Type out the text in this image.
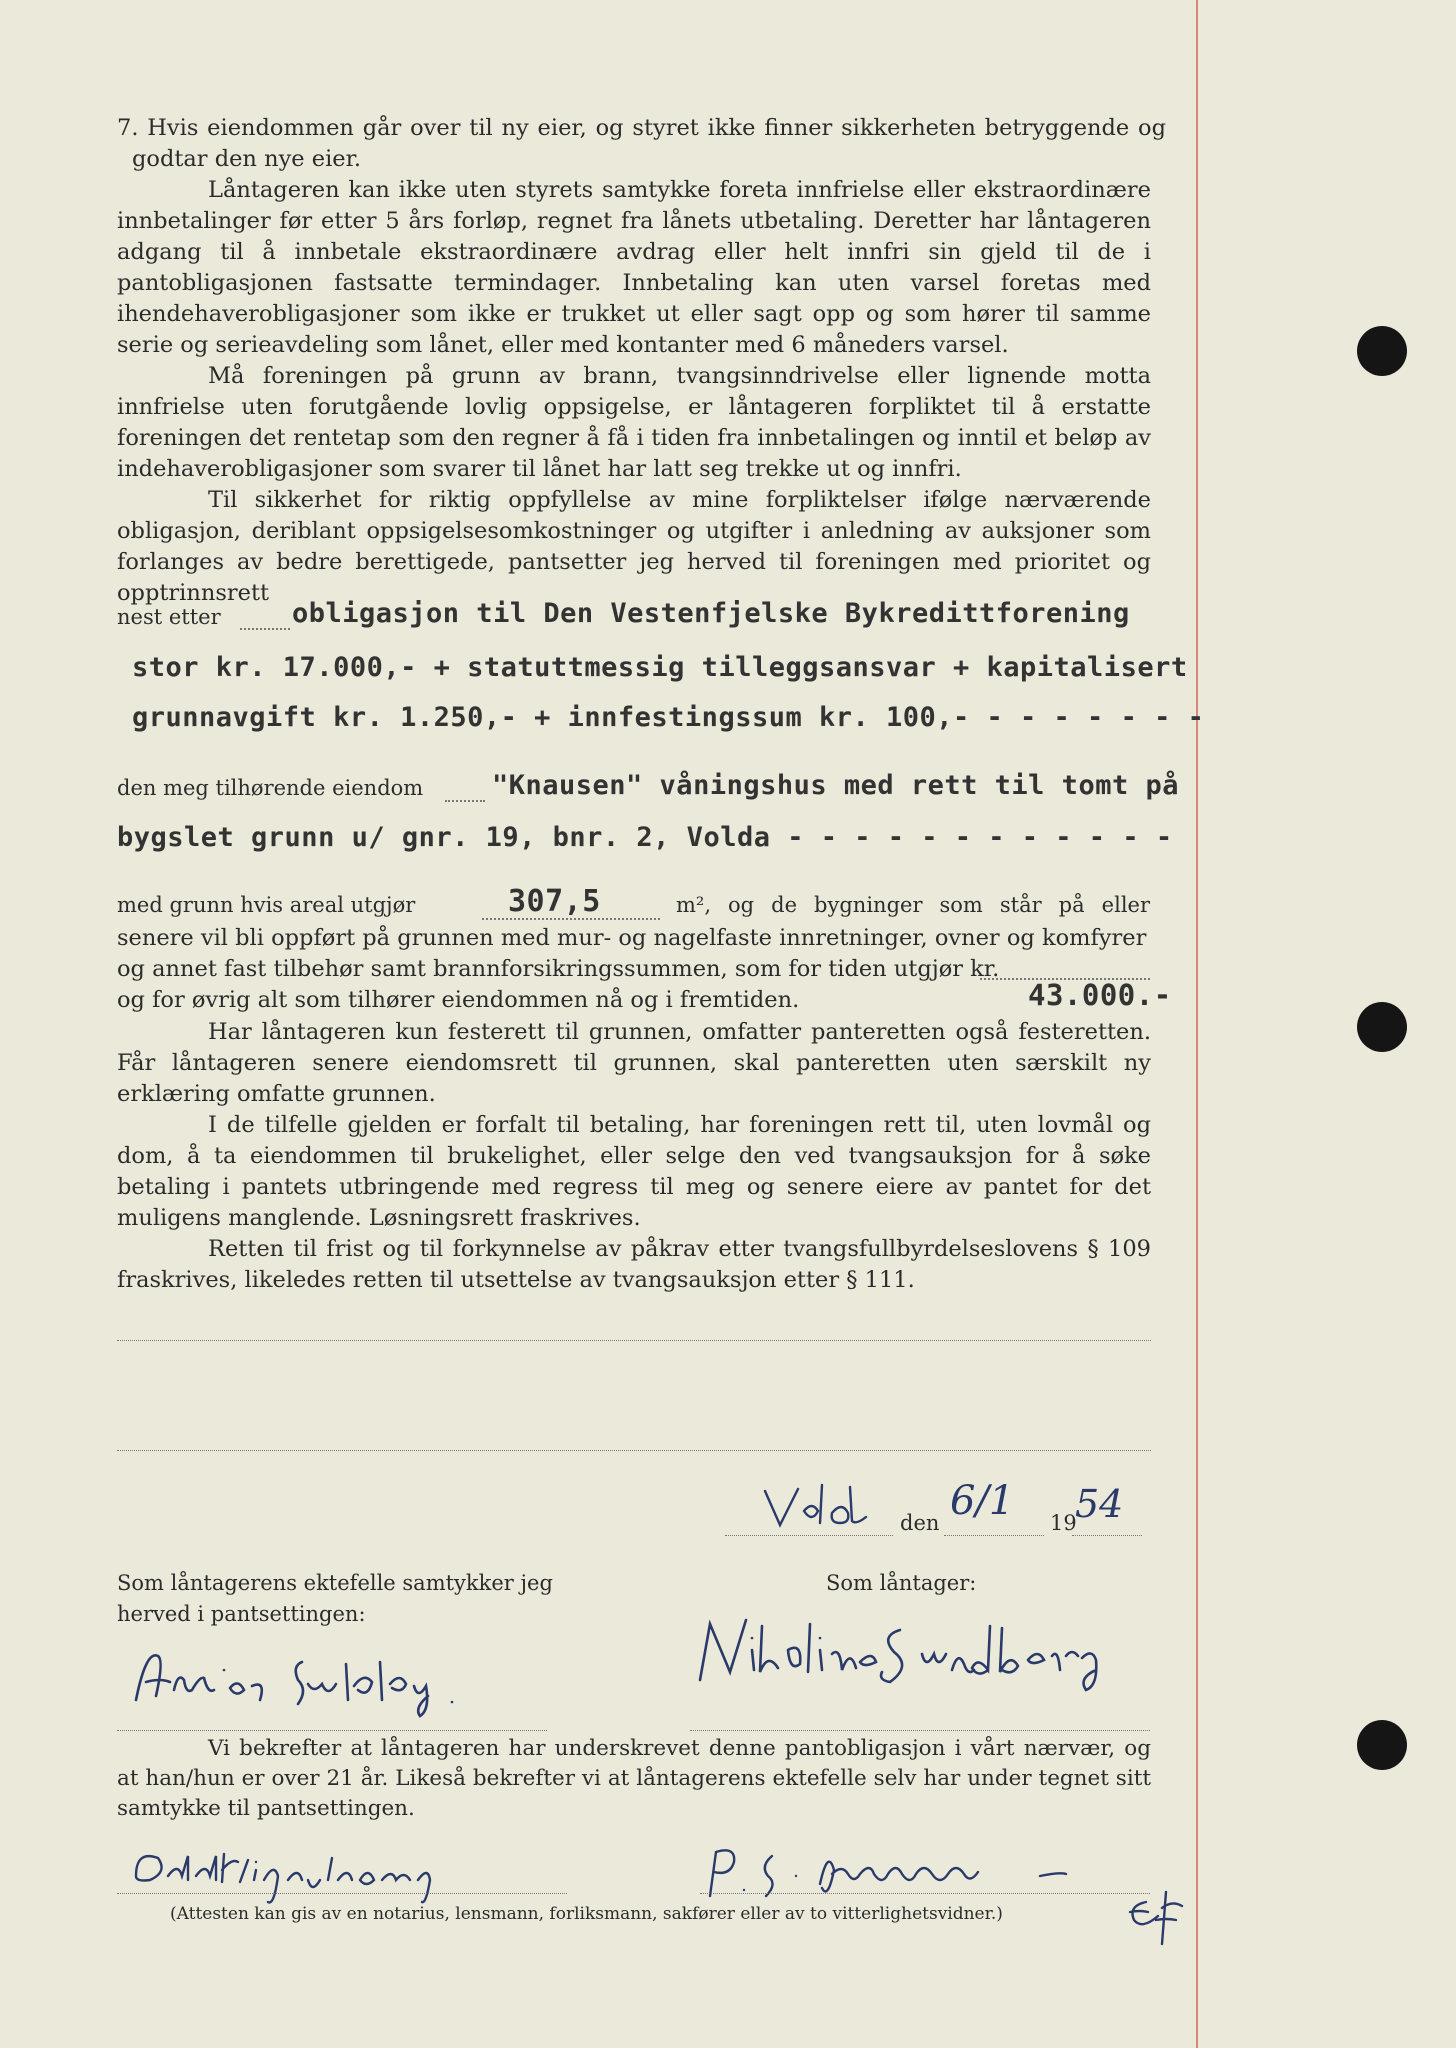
7. Hvis eiendommen går over til ny eier, og styret ikke finner sikkerheten betryggende og godtar den nye eier.
Låntageren kan ikke uten styrets samtykke foreta innfrielse eller ekstraordinære innbetalinger før etter 5 års forløp, regnet fra lånets utbetaling. Deretter har låntageren adgang til å innbetale ekstraordinære avdrag eller helt innfri sin gjeld til de i pantobligasjonen fastsatte termindager. Innbetaling kan uten varsel foretas med ihendehaverobligasjoner som ikke er trukket ut eller sagt opp og som hører til samme serie og serieavdeling som lånet, eller med kontanter med 6 måneders varsel.
Må foreningen på grunn av brann, tvangsinndrivelse eller lignende motta innfrielse uten forutgående lovlig oppsigelse, er låntageren forpliktet til å erstatte foreningen det rentetap som den regner å få i tiden fra innbetalingen og inntil et beløp av indehaverobligasjoner som svarer til lånet har latt seg trekke ut og innfri.
Til sikkerhet for riktig oppfyllelse av mine forpliktelser ifølge nærværende obligasjon, deriblant oppsigelsesomkostninger og utgifter i anledning av auksjoner som forlanges av bedre berettigede, pantsetter jeg herved til foreningen med prioritet og opptrinnsrett
nest etter	obligasjon til Den Vestenfjelske Bykredittforening
stor kr. 17.000,- + statuttmessig tilleggsansvar + kapitalisert
grunnavgift kr. 1.250,- + innfestingssum kr. 100,- - - - - - - -
den meg tilhørende eiendom	"Knausen" våningshus med rett til tomt på
bygslet grunn u/ gnr. 19, bnr. 2, Volda - - - - - - - - - - - -
med grunn hvis areal utgjør	307,5	m², og de bygninger som står på eller
senere vil bli oppført på grunnen med mur- og nagelfaste innretninger, ovner og komfyrer
og annet fast tilbehør samt brannforsikringssummen, som for tiden utgjør kr.
og for øvrig alt som tilhører eiendommen nå og i fremtiden.	43.000.-
Har låntageren kun festerett til grunnen, omfatter panteretten også festeretten. Får låntageren senere eiendomsrett til grunnen, skal panteretten uten særskilt ny erklæring omfatte grunnen.
I de tilfelle gjelden er forfalt til betaling, har foreningen rett til, uten lovmål og dom, å ta eiendommen til brukelighet, eller selge den ved tvangsauksjon for å søke betaling i pantets utbringende med regress til meg og senere eiere av pantet for det muligens manglende. Løsningsrett fraskrives.
Retten til frist og til forkynnelse av påkrav etter tvangsfullbyrdelseslovens § 109 fraskrives, likeledes retten til utsettelse av tvangsauksjon etter § 111.
den 6/1 19
54
Som låntagerens ektefelle samtykker jeg
herved i pantsettingen:
Som låntager:
Vi bekrefter at låntageren har underskrevet denne pantobligasjon i vårt nærvær, og at han/hun er over 21 år. Likeså bekrefter vi at låntagerens ektefelle selv har under tegnet sitt samtykke til pantsettingen.
(Attesten kan gis av en notarius, lensmann, forliksmann, sakfører eller av to vitterlighetsvidner.)
